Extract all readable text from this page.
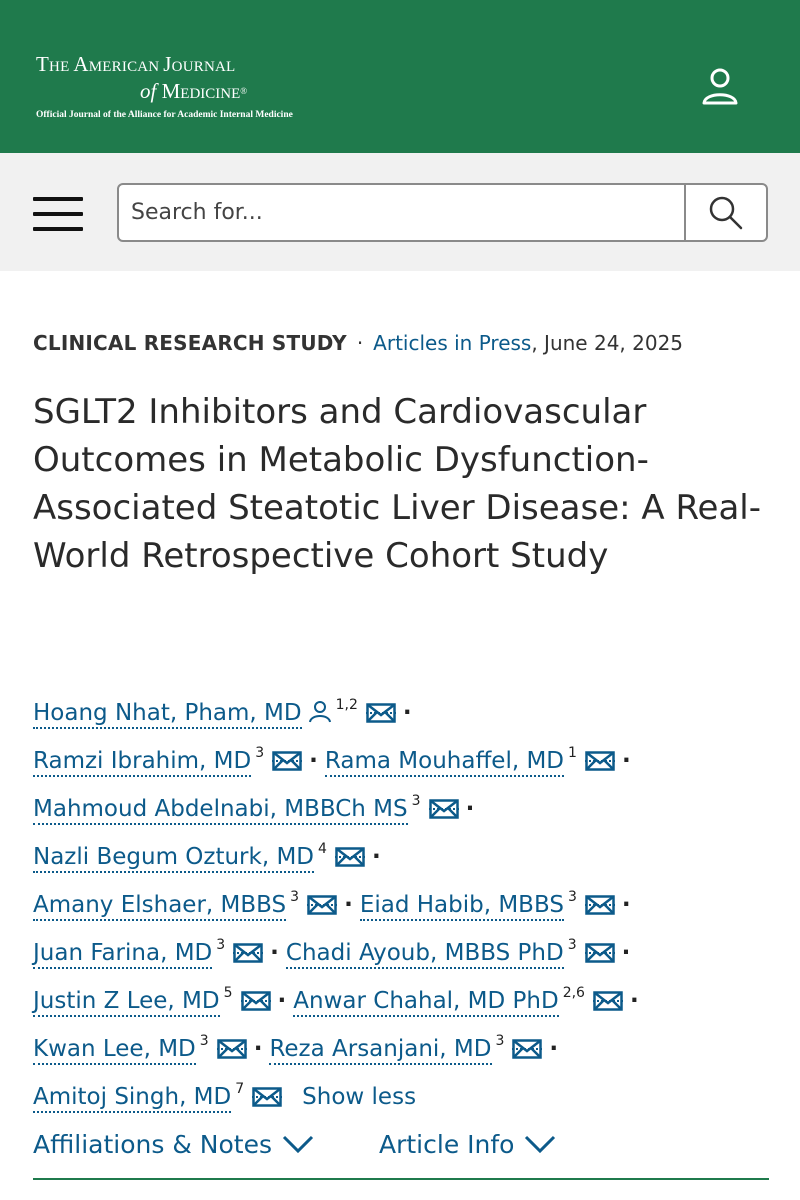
THE AMERICAN JOURNAL
of MEDICINE®
Official Journal of the Alliance for Academic Internal Medicine
Search for...
CLINICAL RESEARCH STUDY · Articles in Press, June 24, 2025
SGLT2 Inhibitors and Cardiovascular Outcomes in Metabolic Dysfunction-Associated Steatotic Liver Disease: A Real-World Retrospective Cohort Study
Hoang Nhat, Pham, MD $^{1,2}$ ·
Ramzi Ibrahim, MD $^3$ · Rama Mouhaffel, MD $^1$ ·
Mahmoud Abdelnabi, MBBCh MS $^3$ ·
Nazli Begum Ozturk, MD $^4$ ·
Amany Elshaer, MBBS $^3$ · Eiad Habib, MBBS $^3$ ·
Juan Farina, MD $^3$ · Chadi Ayoub, MBBS PhD $^3$ ·
Justin Z Lee, MD $^5$ · Anwar Chahal, MD PhD $^{2,6}$ ·
Kwan Lee, MD $^3$ · Reza Arsanjani, MD $^3$ ·
Amitoj Singh, MD $^7$	Show less
Affiliations & Notes	Article Info
